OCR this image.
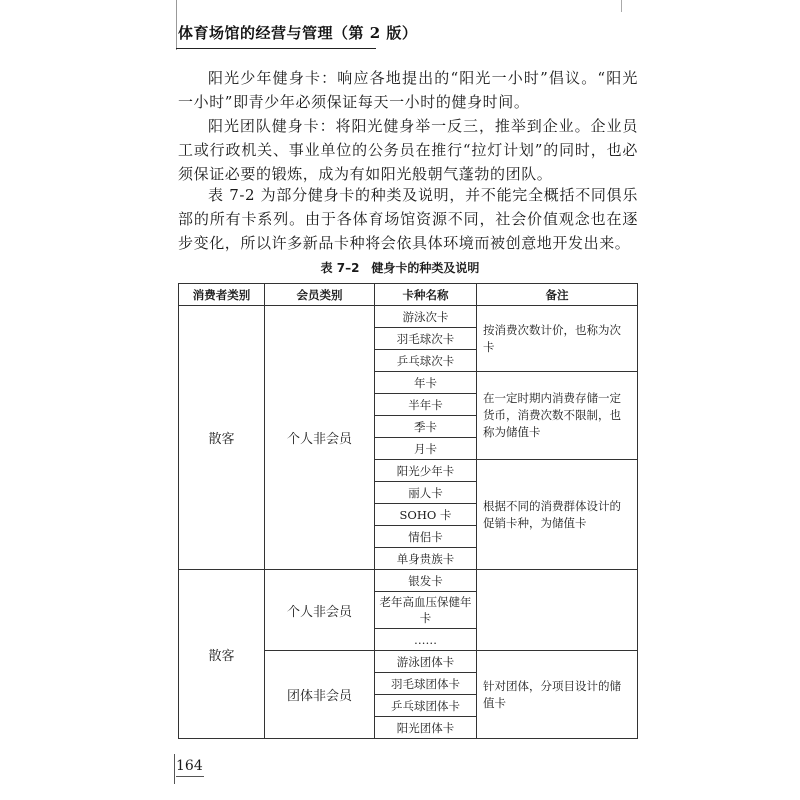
体育场馆的经营与管理（第 2 版）

阳光少年健身卡：响应各地提出的“阳光一小时”倡议。“阳光一小时”即青少年必须保证每天一小时的健身时间。

阳光团队健身卡：将阳光健身举一反三，推举到企业。企业员工或行政机关、事业单位的公务员在推行“拉灯计划”的同时，也必须保证必要的锻炼，成为有如阳光般朝气蓬勃的团队。

表 7-2 为部分健身卡的种类及说明，并不能完全概括不同俱乐部的所有卡系列。由于各体育场馆资源不同，社会价值观念也在逐步变化，所以许多新品卡种将会依具体环境而被创意地开发出来。

表 7–2　健身卡的种类及说明
消费者类别	会员类别	卡种名称	备注
散客	个人非会员	游泳次卡	按消费次数计价，也称为次卡
		羽毛球次卡	
		乒乓球次卡	
		年卡	在一定时期内消费存储一定货币，消费次数不限制，也称为储值卡
		半年卡	
		季卡	
		月卡	
		阳光少年卡	根据不同的消费群体设计的促销卡种，为储值卡
		丽人卡	
		SOHO 卡	
		情侣卡	
		单身贵族卡	
散客	个人非会员	银发卡	
		老年高血压保健年卡	
		……	
	团体非会员	游泳团体卡	针对团体，分项目设计的储值卡
		羽毛球团体卡	
		乒乓球团体卡	
		阳光团体卡	
164
